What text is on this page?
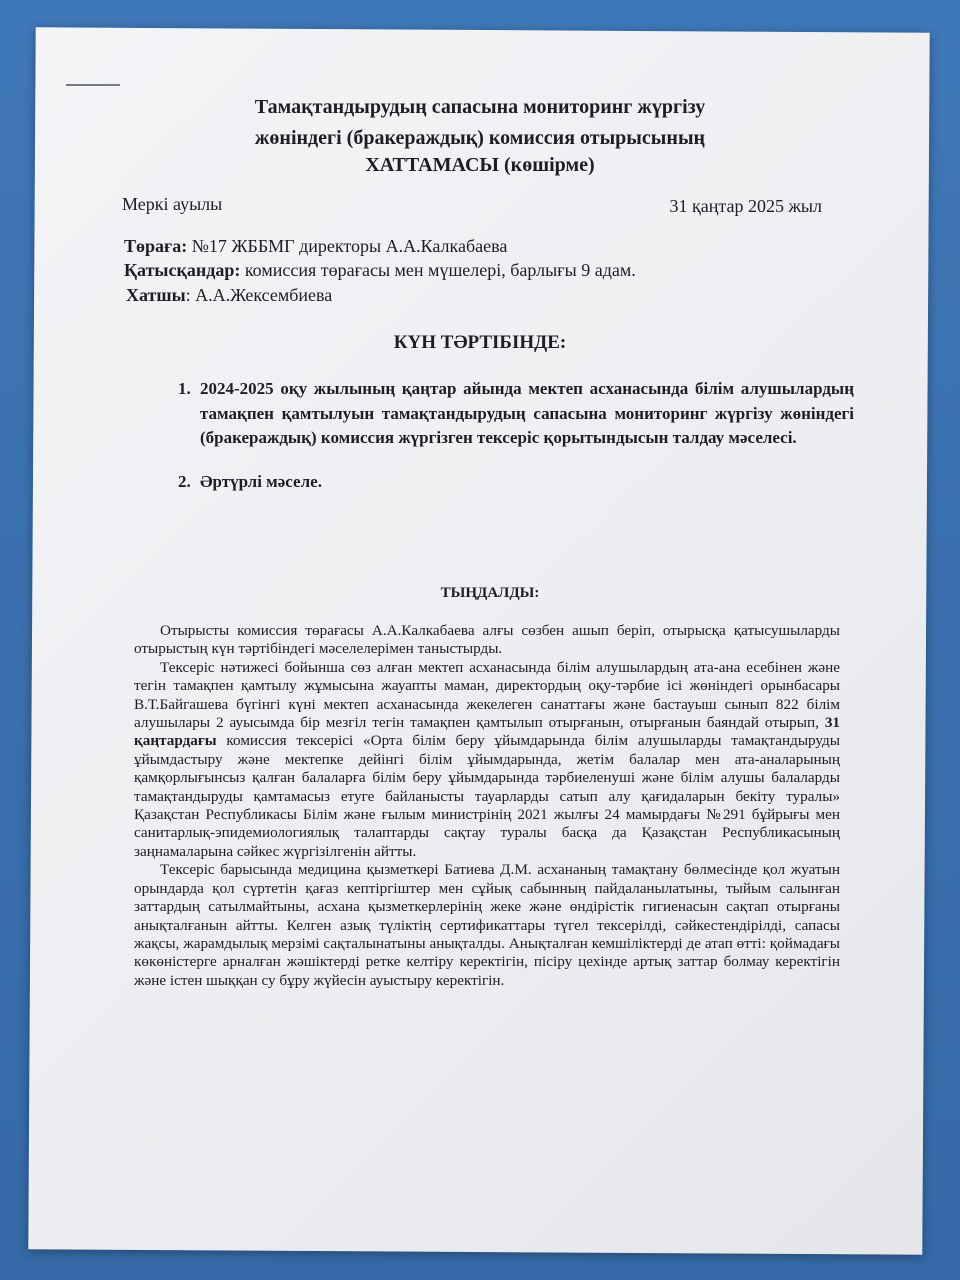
Тамақтандырудың сапасына мониторинг жүргізу
жөніндегі (бракераждық) комиссия отырысының
ХАТТАМАСЫ (көшірме)
Меркі ауылы	31 қаңтар 2025 жыл
Төраға: №17 ЖББМГ директоры А.А.Калкабаева
Қатысқандар: комиссия төрағасы мен мүшелері, барлығы 9 адам.
Хатшы: А.А.Жексембиева
КҮН ТӘРТІБІНДЕ:
1. 2024-2025 оқу жылының қаңтар айында мектеп асханасында білім алушылардың тамақпен қамтылуын тамақтандырудың сапасына мониторинг жүргізу жөніндегі (бракераждық) комиссия жүргізген тексеріс қорытындысын талдау мәселесі.
2. Әртүрлі мәселе.
ТЫҢДАЛДЫ:

Отырысты комиссия төрағасы А.А.Калкабаева алғы сөзбен ашып беріп, отырысқа қатысушыларды отырыстың күн тәртібіндегі мәселелерімен таныстырды.

Тексеріс нәтижесі бойынша сөз алған мектеп асханасында білім алушылардың ата-ана есебінен және тегін тамақпен қамтылу жұмысына жауапты маман, директордың оқу-тәрбие ісі жөніндегі орынбасары В.Т.Байгашева бүгінгі күні мектеп асханасында жекелеген санаттағы және бастауыш сынып 822 білім алушылары 2 ауысымда бір мезгіл тегін тамақпен қамтылып отырғанын, отырғанын баяндай отырып, 31 қаңтардағы комиссия тексерісі «Орта білім беру ұйымдарында білім алушыларды тамақтандыруды ұйымдастыру және мектепке дейінгі білім ұйымдарында, жетім балалар мен ата-аналарының қамқорлығынсыз қалған балаларға білім беру ұйымдарында тәрбиеленуші және білім алушы балаларды тамақтандыруды қамтамасыз етуге байланысты тауарларды сатып алу қағидаларын бекіту туралы» Қазақстан Республикасы Білім және ғылым министрінің 2021 жылғы 24 мамырдағы №291 бұйрығы мен санитарлық-эпидемиологиялық талаптарды сақтау туралы басқа да Қазақстан Республикасының заңнамаларына сәйкес жүргізілгенін айтты.

Тексеріс барысында медицина қызметкері Батиева Д.М. асхананың тамақтану бөлмесінде қол жуатын орындарда қол сүртетін қағаз кептіргіштер мен сұйық сабынның пайдаланылатыны, тыйым салынған заттардың сатылмайтыны, асхана қызметкерлерінің жеке және өндірістік гигиенасын сақтап отырғаны анықталғанын айтты. Келген азық түліктің сертификаттары түгел тексерілді, сәйкестендірілді, сапасы жақсы, жарамдылық мерзімі сақталынатыны анықталды. Анықталған кемшіліктерді де атап өтті: қоймадағы көкөністерге арналған жәшіктерді ретке келтіру керектігін, пісіру цехінде артық заттар болмау керектігін және істен шыққан су бұру жүйесін ауыстыру керектігін.
